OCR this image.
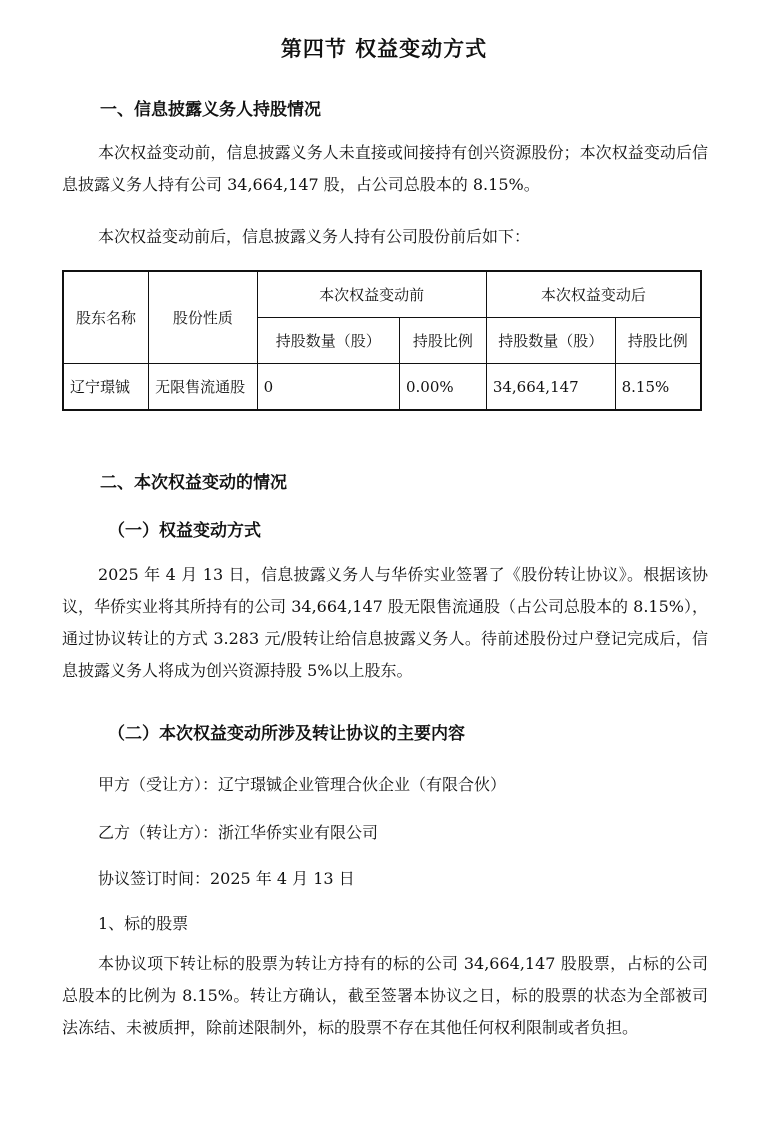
第四节 权益变动方式
一、信息披露义务人持股情况
本次权益变动前，信息披露义务人未直接或间接持有创兴资源股份；本次权益变动后信息披露义务人持有公司 34,664,147 股，占公司总股本的 8.15%。
本次权益变动前后，信息披露义务人持有公司股份前后如下：
股东名称	股份性质	本次权益变动前		本次权益变动后	
		持股数量（股）	持股比例	持股数量（股）	持股比例
辽宁璟铖	无限售流通股	0	0.00%	34,664,147	8.15%
二、本次权益变动的情况
（一）权益变动方式
2025 年 4 月 13 日，信息披露义务人与华侨实业签署了《股份转让协议》。根据该协议，华侨实业将其所持有的公司 34,664,147 股无限售流通股（占公司总股本的 8.15%），通过协议转让的方式 3.283 元/股转让给信息披露义务人。待前述股份过户登记完成后，信息披露义务人将成为创兴资源持股 5%以上股东。
（二）本次权益变动所涉及转让协议的主要内容
甲方（受让方）：辽宁璟铖企业管理合伙企业（有限合伙）
乙方（转让方）：浙江华侨实业有限公司
协议签订时间：2025 年 4 月 13 日
1、标的股票
本协议项下转让标的股票为转让方持有的标的公司 34,664,147 股股票，占标的公司总股本的比例为 8.15%。转让方确认，截至签署本协议之日，标的股票的状态为全部被司法冻结、未被质押，除前述限制外，标的股票不存在其他任何权利限制或者负担。
